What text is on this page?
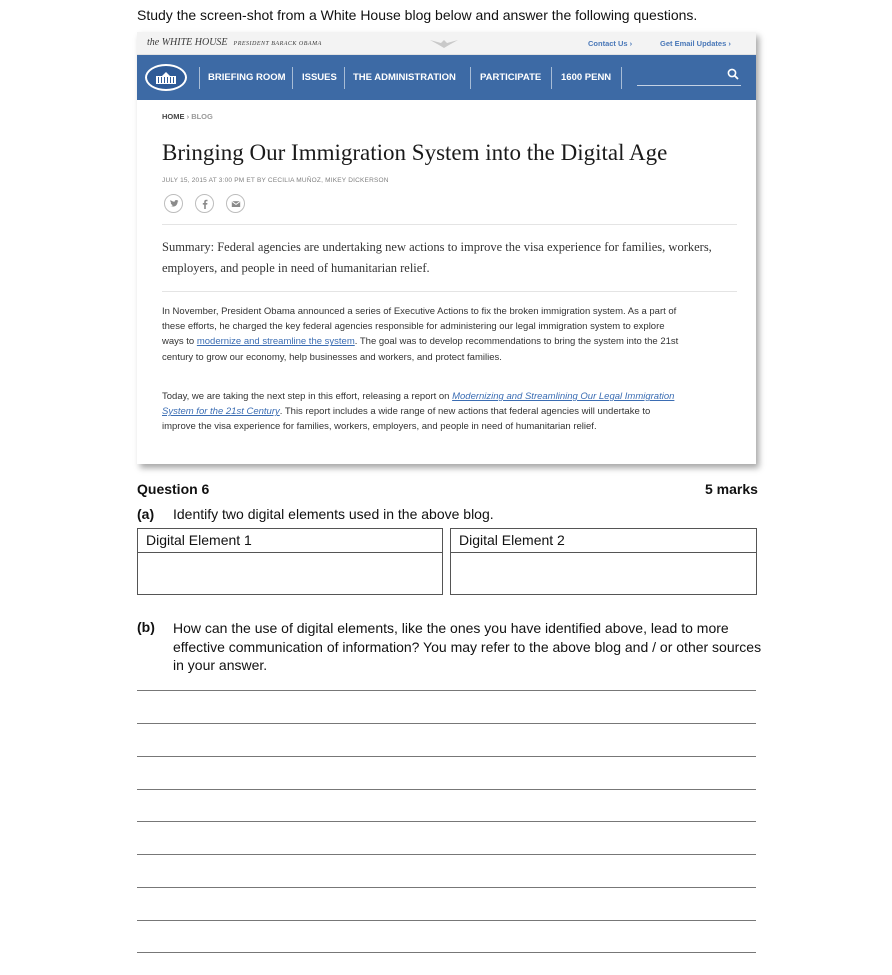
Study the screen-shot from a White House blog below and answer the following questions.
the WHITE HOUSE PRESIDENT BARACK OBAMA	Contact Us ›	Get Email Updates ›
BRIEFING ROOM ISSUES THE ADMINISTRATION	PARTICIPATE 1600 PENN
HOME › BLOG
Bringing Our Immigration System into the Digital Age
JULY 15, 2015 AT 3:00 PM ET BY CECILIA MUÑOZ, MIKEY DICKERSON
Summary: Federal agencies are undertaking new actions to improve the visa experience for families, workers, employers, and people in need of humanitarian relief.
In November, President Obama announced a series of Executive Actions to fix the broken immigration system. As a part of these efforts, he charged the key federal agencies responsible for administering our legal immigration system to explore ways to modernize and streamline the system. The goal was to develop recommendations to bring the system into the 21st century to grow our economy, help businesses and workers, and protect families.
Today, we are taking the next step in this effort, releasing a report on Modernizing and Streamlining Our Legal Immigration System for the 21st Century. This report includes a wide range of new actions that federal agencies will undertake to improve the visa experience for families, workers, employers, and people in need of humanitarian relief.
Question 6	5 marks
(a) Identify two digital elements used in the above blog.
Digital Element 1	Digital Element 2
(b) How can the use of digital elements, like the ones you have identified above, lead to more effective communication of information? You may refer to the above blog and / or other sources in your answer.
